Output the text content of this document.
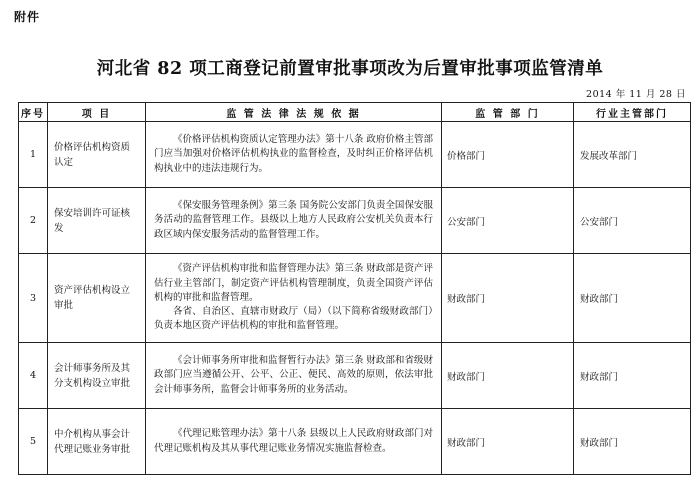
附件
河北省 82 项工商登记前置审批事项改为后置审批事项监管清单
2014 年 11 月 28 日
序号	项 目	监 管 法 律 法 规 依 据	监 管 部 门	行业主管部门
1	价格评估机构资质认定	《价格评估机构资质认定管理办法》第十八条 政府价格主管部门应当加强对价格评估机构执业的监督检查，及时纠正价格评估机构执业中的违法违规行为。	价格部门	发展改革部门
2	保安培训许可证核发	《保安服务管理条例》第三条 国务院公安部门负责全国保安服务活动的监督管理工作。县级以上地方人民政府公安机关负责本行政区域内保安服务活动的监督管理工作。	公安部门	公安部门
3	资产评估机构设立审批	《资产评估机构审批和监督管理办法》第三条 财政部是资产评估行业主管部门，制定资产评估机构管理制度，负责全国资产评估机构的审批和监督管理。
各省、自治区、直辖市财政厅（局）（以下简称省级财政部门）负责本地区资产评估机构的审批和监督管理。	财政部门	财政部门
4	会计师事务所及其分支机构设立审批	《会计师事务所审批和监督暂行办法》第三条 财政部和省级财政部门应当遵循公开、公平、公正、便民、高效的原则，依法审批会计师事务所，监督会计师事务所的业务活动。	财政部门	财政部门
5	中介机构从事会计代理记账业务审批	《代理记账管理办法》第十八条 县级以上人民政府财政部门对代理记账机构及其从事代理记账业务情况实施监督检查。	财政部门	财政部门
